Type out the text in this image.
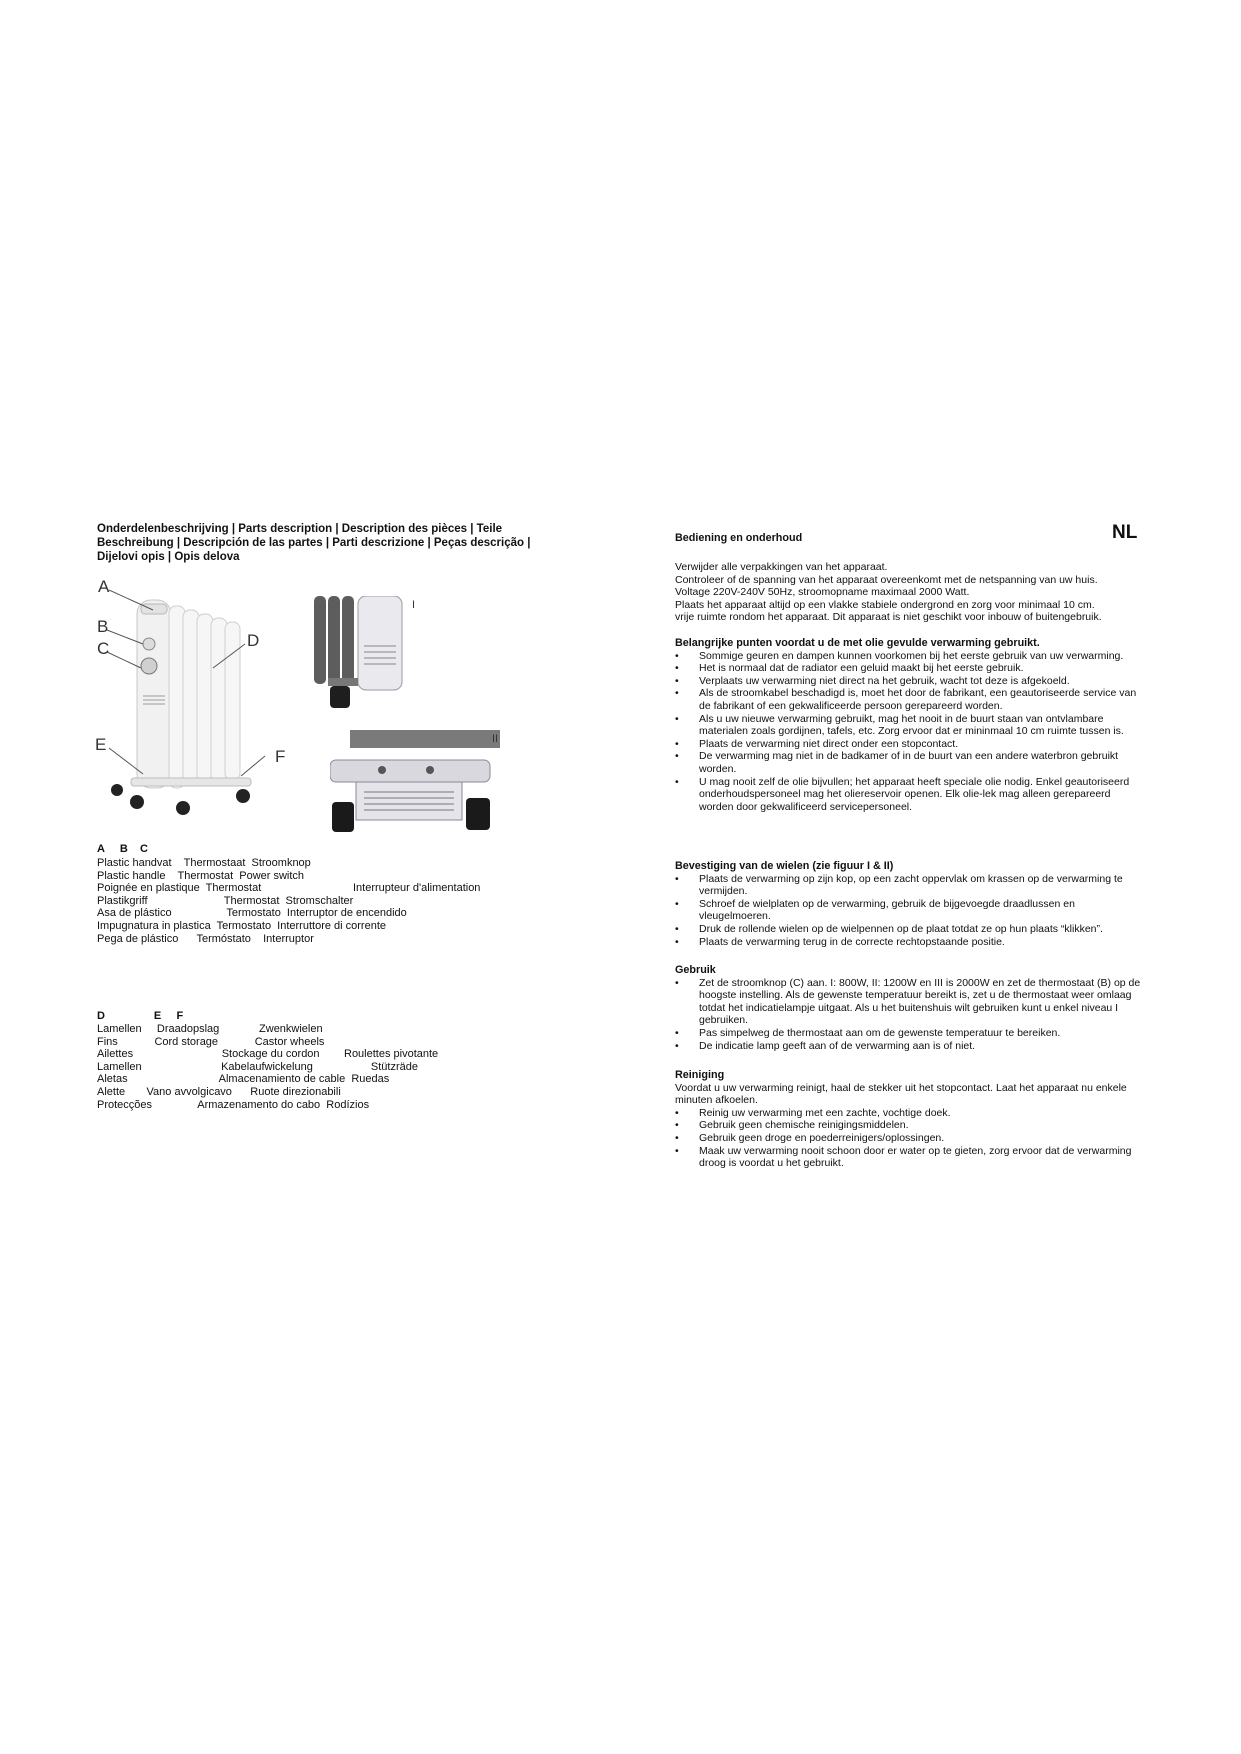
Onderdelenbeschrijving | Parts description | Description des pièces | Teile Beschreibung | Descripción de las partes | Parti descrizione | Peças descrição | Dijelovi opis | Opis delova
A
B
C	D
E
F
I
II
A     B    C
Plastic handvat    Thermostaat  Stroomknop
Plastic handle    Thermostat  Power switch
Poignée en plastique  Thermostat                              Interrupteur d'alimentation
Plastikgriff                         Thermostat  Stromschalter
Asa de plástico                  Termostato  Interruptor de encendido
Impugnatura in plastica  Termostato  Interruttore di corrente
Pega de plástico      Termóstato    Interruptor
D                E     F
Lamellen     Draadopslag             Zwenkwielen
Fins            Cord storage            Castor wheels
Ailettes                             Stockage du cordon        Roulettes pivotante
Lamellen                          Kabelaufwickelung                   Stützräde
Aletas                              Almacenamiento de cable  Ruedas
Alette       Vano avvolgicavo      Ruote direzionabili
Protecções               Armazenamento do cabo  Rodízios
NL

Bediening en onderhoud

Verwijder alle verpakkingen van het apparaat.

Controleer of de spanning van het apparaat overeenkomt met de netspanning van uw huis.

Voltage 220V-240V 50Hz, stroomopname maximaal 2000 Watt.

Plaats het apparaat altijd op een vlakke stabiele ondergrond en zorg voor minimaal 10 cm.

vrije ruimte rondom het apparaat. Dit apparaat is niet geschikt voor inbouw of buitengebruik.

Belangrijke punten voordat u de met olie gevulde verwarming gebruikt.

• Sommige geuren en dampen kunnen voorkomen bij het eerste gebruik van uw verwarming.
• Het is normaal dat de radiator een geluid maakt bij het eerste gebruik.
• Verplaats uw verwarming niet direct na het gebruik, wacht tot deze is afgekoeld.
• Als de stroomkabel beschadigd is, moet het door de fabrikant, een geautoriseerde service van de fabrikant of een gekwalificeerde persoon gerepareerd worden.
• Als u uw nieuwe verwarming gebruikt, mag het nooit in de buurt staan van ontvlambare materialen zoals gordijnen, tafels, etc. Zorg ervoor dat er mininmaal 10 cm ruimte tussen is.
• Plaats de verwarming niet direct onder een stopcontact.
• De verwarming mag niet in de badkamer of in de buurt van een andere waterbron gebruikt worden.
• U mag nooit zelf de olie bijvullen; het apparaat heeft speciale olie nodig. Enkel geautoriseerd onderhoudspersoneel mag het oliereservoir openen. Elk olie-lek mag alleen gerepareerd worden door gekwalificeerd servicepersoneel.

Bevestiging van de wielen (zie figuur I & II)

• Plaats de verwarming op zijn kop, op een zacht oppervlak om krassen op de verwarming te vermijden.
• Schroef de wielplaten op de verwarming, gebruik de bijgevoegde draadlussen en vleugelmoeren.
• Druk de rollende wielen op de wielpennen op de plaat totdat ze op hun plaats “klikken”.
• Plaats de verwarming terug in de correcte rechtopstaande positie.

Gebruik

• Zet de stroomknop (C) aan. I: 800W, II: 1200W en III is 2000W en zet de thermostaat (B) op de hoogste instelling. Als de gewenste temperatuur bereikt is, zet u de thermostaat weer omlaag totdat het indicatielampje uitgaat. Als u het buitenshuis wilt gebruiken kunt u enkel niveau I gebruiken.
• Pas simpelweg de thermostaat aan om de gewenste temperatuur te bereiken.
• De indicatie lamp geeft aan of de verwarming aan is of niet.

Reiniging

Voordat u uw verwarming reinigt, haal de stekker uit het stopcontact. Laat het apparaat nu enkele minuten afkoelen.

• Reinig uw verwarming met een zachte, vochtige doek.
• Gebruik geen chemische reinigingsmiddelen.
• Gebruik geen droge en poederreinigers/oplossingen.
• Maak uw verwarming nooit schoon door er water op te gieten, zorg ervoor dat de verwarming droog is voordat u het gebruikt.
